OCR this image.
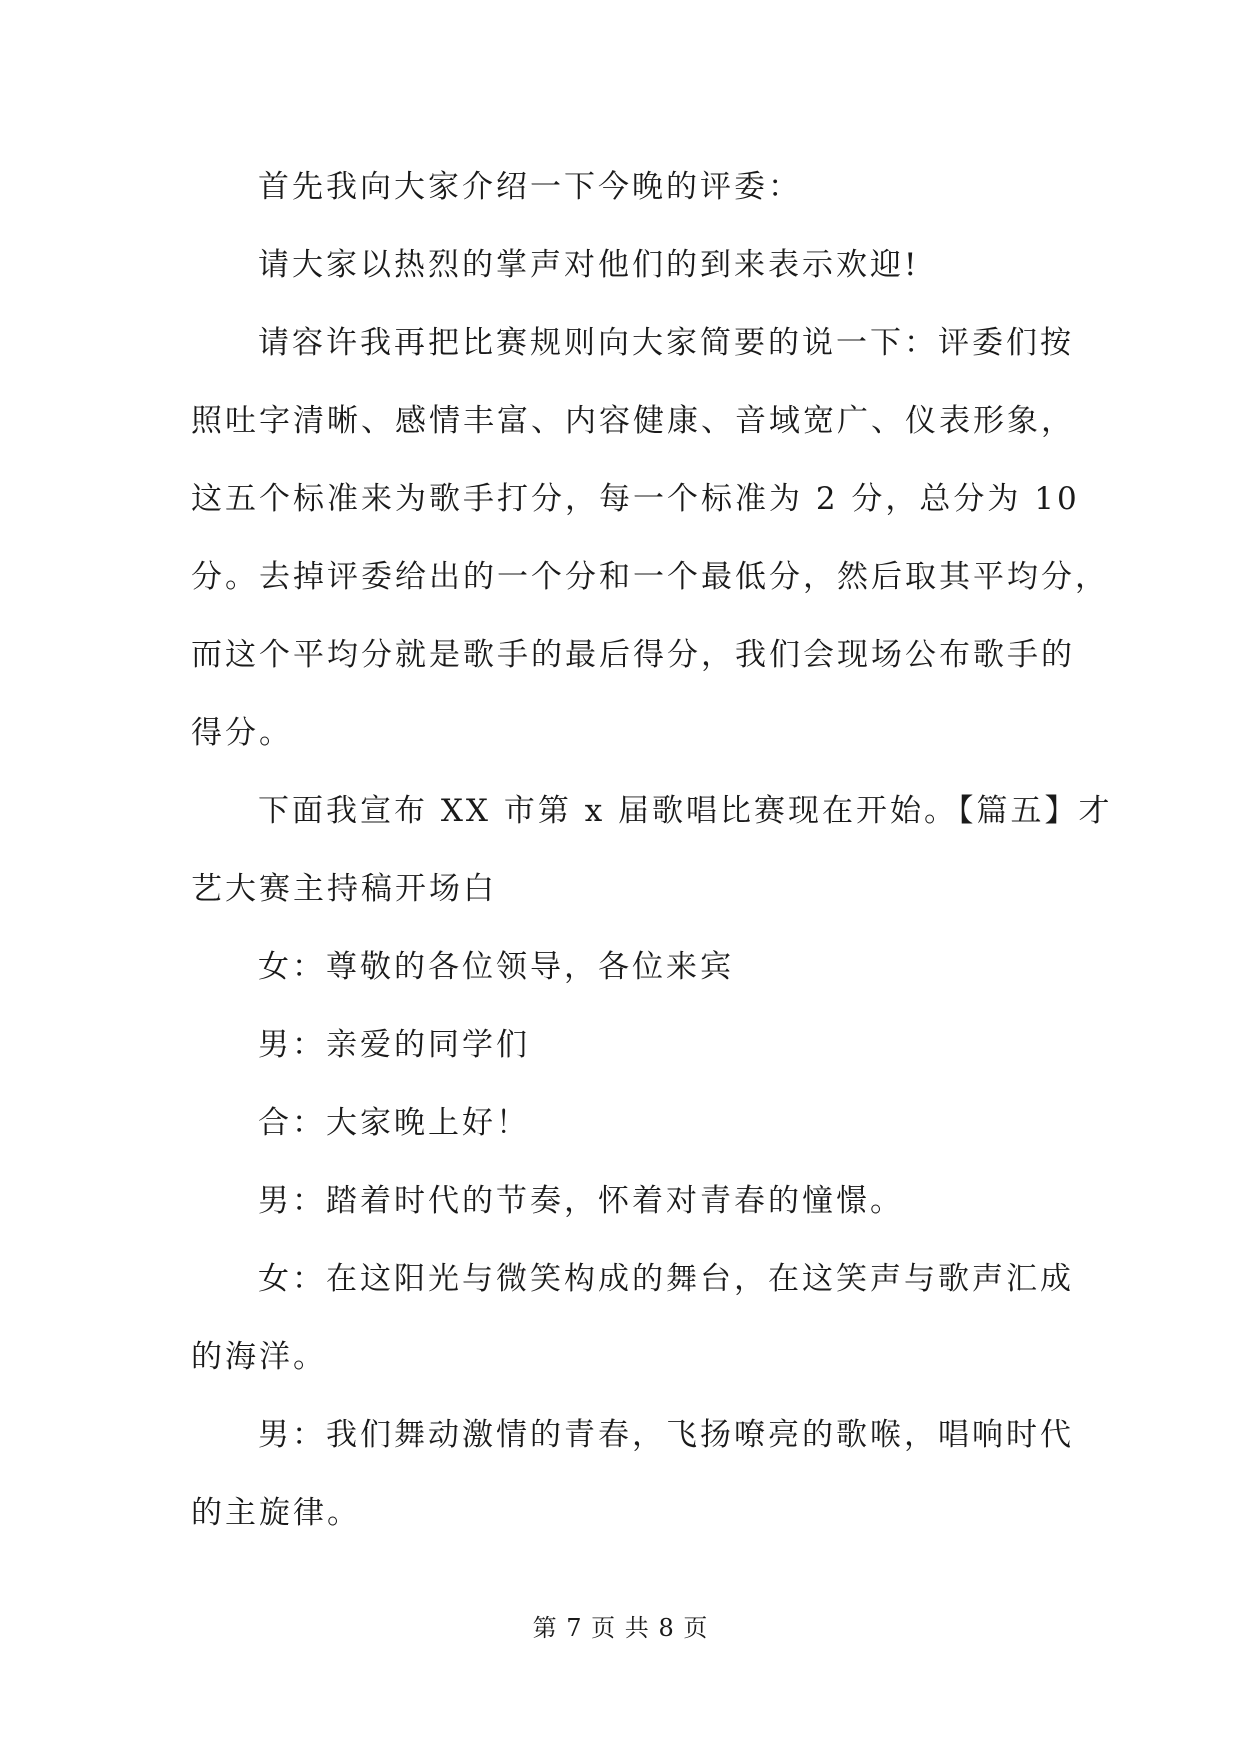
首先我向大家介绍一下今晚的评委：
请大家以热烈的掌声对他们的到来表示欢迎!
请容许我再把比赛规则向大家简要的说一下：评委们按
照吐字清晰、感情丰富、内容健康、音域宽广、仪表形象，
这五个标准来为歌手打分，每一个标准为 2 分，总分为 10
分。去掉评委给出的一个分和一个最低分，然后取其平均分，
而这个平均分就是歌手的最后得分，我们会现场公布歌手的
得分。
下面我宣布 XX 市第 x 届歌唱比赛现在开始。【篇五】才
艺大赛主持稿开场白
女：尊敬的各位领导，各位来宾
男：亲爱的同学们
合：大家晚上好！
男：踏着时代的节奏，怀着对青春的憧憬。
女：在这阳光与微笑构成的舞台，在这笑声与歌声汇成
的海洋。
男：我们舞动激情的青春，飞扬嘹亮的歌喉，唱响时代
的主旋律。
第 7 页 共 8 页
